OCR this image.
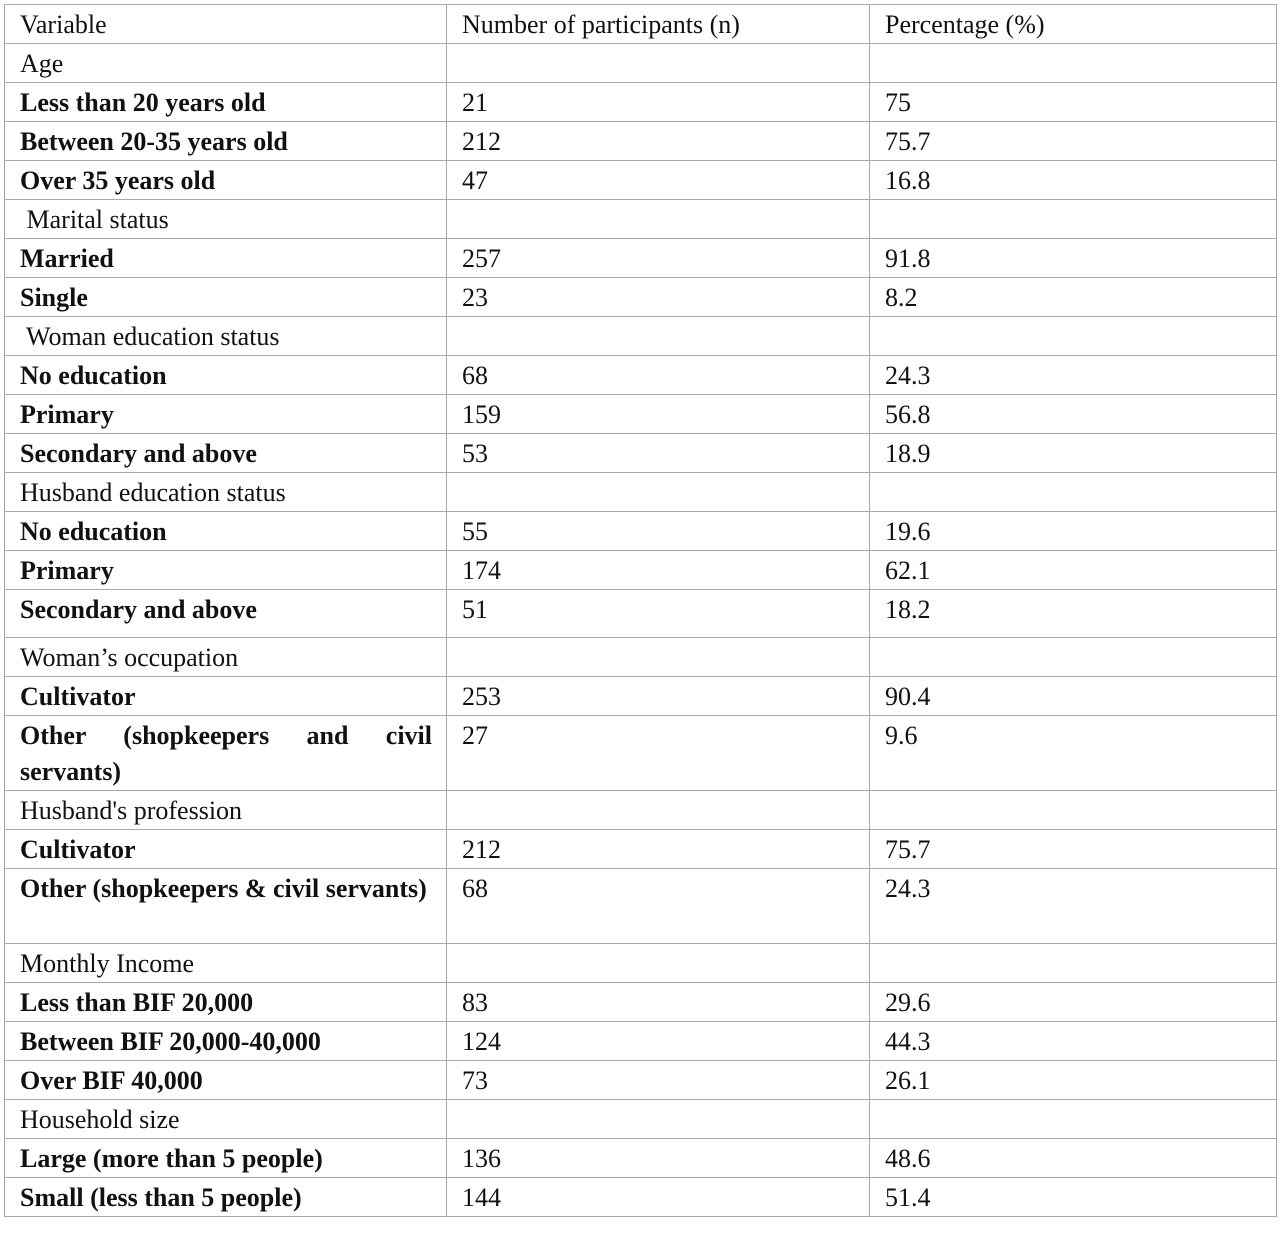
Variable	Number of participants (n)	Percentage (%)
Age		
Less than 20 years old	21	75
Between 20-35 years old	212	75.7
Over 35 years old	47	16.8
Marital status		
Married	257	91.8
Single	23	8.2
Woman education status		
No education	68	24.3
Primary	159	56.8
Secondary and above	53	18.9
Husband education status		
No education	55	19.6
Primary	174	62.1
Secondary and above	51	18.2
Woman’s occupation		
Cultivator	253	90.4
Other (shopkeepers and civil servants)	27	9.6
Husband's profession		
Cultivator	212	75.7
Other (shopkeepers & civil servants)	68	24.3
Monthly Income		
Less than BIF 20,000	83	29.6
Between BIF 20,000-40,000	124	44.3
Over BIF 40,000	73	26.1
Household size		
Large (more than 5 people)	136	48.6
Small (less than 5 people)	144	51.4
